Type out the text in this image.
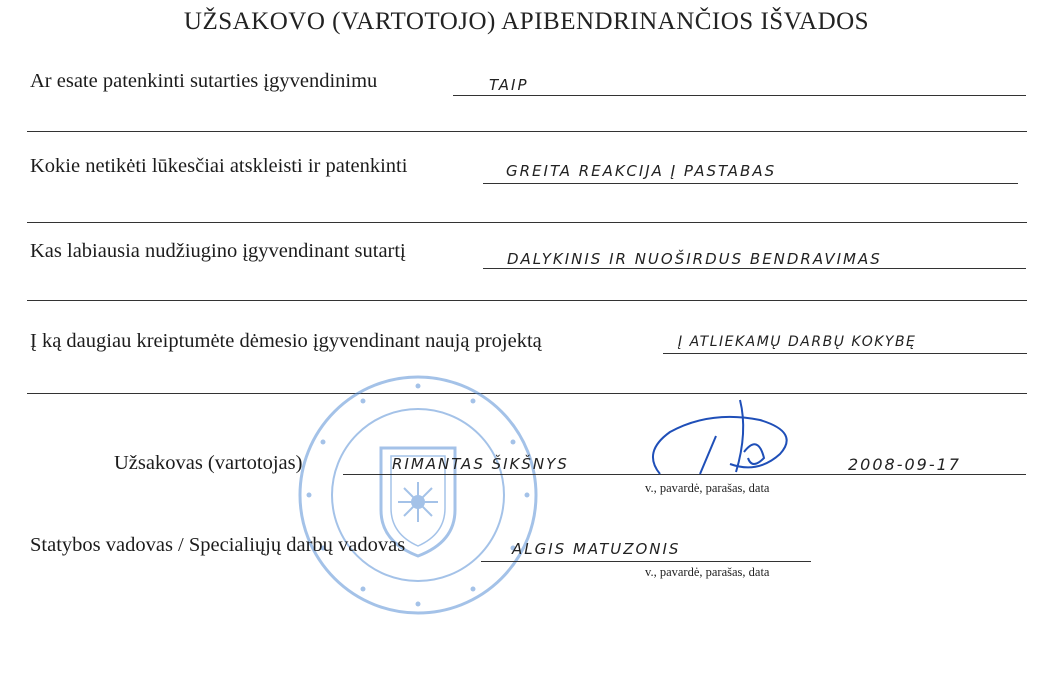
UŽSAKOVO (VARTOTOJO) APIBENDRINANČIOS IŠVADOS
Ar esate patenkinti sutarties įgyvendinimu	TAIP
Kokie netikėti lūkesčiai atskleisti ir patenkinti	GREITA REAKCIJA Į PASTABAS
Kas labiausia nudžiugino įgyvendinant sutartį	DALYKINIS IR NUOŠIRDUS BENDRAVIMAS
Į ką daugiau kreiptumėte dėmesio įgyvendinant naują projektą	Į ATLIEKAMŲ DARBŲ KOKYBĘ
Užsakovas (vartotojas)	RIMANTAS ŠIKŠNYS	2008-09-17
v., pavardė, parašas, data
Statybos vadovas / Specialiųjų darbų vadovas	ALGIS MATUZONIS
v., pavardė, parašas, data
